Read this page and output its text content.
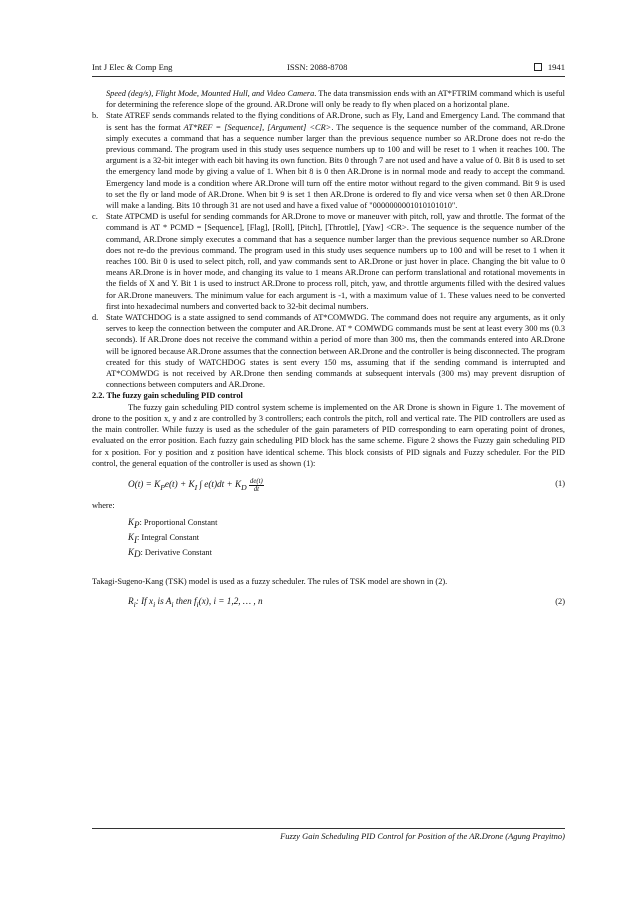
Int J Elec & Comp Eng	ISSN: 2088-8708	1941

Speed (deg/s), Flight Mode, Mounted Hull, and Video Camera. The data transmission ends with an AT*FTRIM command which is useful for determining the reference slope of the ground. AR.Drone will only be ready to fly when placed on a horizontal plane.

b. State ATREF sends commands related to the flying conditions of AR.Drone, such as Fly, Land and Emergency Land. The command that is sent has the format AT*REF = [Sequence], [Argument] <CR>. The sequence is the sequence number of the command, AR.Drone simply executes a command that has a sequence number larger than the previous sequence number so AR.Drone does not re-do the previous command. The program used in this study uses sequence numbers up to 100 and will be reset to 1 when it reaches 100. The argument is a 32-bit integer with each bit having its own function. Bits 0 through 7 are not used and have a value of 0. Bit 8 is used to set the emergency land mode by giving a value of 1. When bit 8 is 0 then AR.Drone is in normal mode and ready to accept the command. Emergency land mode is a condition where AR.Drone will turn off the entire motor without regard to the given command. Bit 9 is used to set the fly or land mode of AR.Drone. When bit 9 is set 1 then AR.Drone is ordered to fly and vice versa when set 0 then AR.Drone will make a landing. Bits 10 through 31 are not used and have a fixed value of "0000000001010101010".

c. State ATPCMD is useful for sending commands for AR.Drone to move or maneuver with pitch, roll, yaw and throttle. The format of the command is AT * PCMD = [Sequence], [Flag], [Roll], [Pitch], [Throttle], [Yaw] <CR>. The sequence is the sequence number of the command, AR.Drone simply executes a command that has a sequence number larger than the previous sequence number so AR.Drone does not re-do the previous command. The program used in this study uses sequence numbers up to 100 and will be reset to 1 when it reaches 100. Bit 0 is used to select pitch, roll, and yaw commands sent to AR.Drone or just hover in place. Changing the bit value to 0 means AR.Drone is in hover mode, and changing its value to 1 means AR.Drone can perform translational and rotational movements in the fields of X and Y. Bit 1 is used to instruct AR.Drone to process roll, pitch, yaw, and throttle arguments filled with the desired values for AR.Drone maneuvers. The minimum value for each argument is -1, with a maximum value of 1. These values need to be converted first into hexadecimal numbers and converted back to 32-bit decimal numbers.

d. State WATCHDOG is a state assigned to send commands of AT*COMWDG. The command does not require any arguments, as it only serves to keep the connection between the computer and AR.Drone. AT * COMWDG commands must be sent at least every 300 ms (0.3 seconds). If AR.Drone does not receive the command within a period of more than 300 ms, then the commands entered into AR.Drone will be ignored because AR.Drone assumes that the connection between AR.Drone and the controller is being disconnected. The program created for this study of WATCHDOG states is sent every 150 ms, assuming that if the sending command is interrupted and AT*COMWDG is not received by AR.Drone then sending commands at subsequent intervals (300 ms) may prevent disruption of connections between computers and AR.Drone.

2.2. The fuzzy gain scheduling PID control

The fuzzy gain scheduling PID control system scheme is implemented on the AR Drone is shown in Figure 1. The movement of drone to the position x, y and z are controlled by 3 controllers; each controls the pitch, roll and vertical rate. The PID controllers are used as the main controller. While fuzzy is used as the scheduler of the gain parameters of PID corresponding to earn operating point of drones, evaluated on the error position. Each fuzzy gain scheduling PID block has the same scheme. Figure 2 shows the Fuzzy gain scheduling PID for x position. For y position and z position have identical scheme. This block consists of PID signals and Fuzzy scheduler. For the PID control, the general equation of the controller is used as shown (1):

$O(t) = K_Pe(t) + K_I$ ∫ $e(t)dt + K_D \frac{de(t)}{dt}$	(1)

where:

$K_P$: Proportional Constant

$K_I$: Integral Constant

$K_D$: Derivative Constant

Takagi-Sugeno-Kang (TSK) model is used as a fuzzy scheduler. The rules of TSK model are shown in (2).

$R_i$: If $x_i$ is $A_i$ then $f_i(x)$, i = 1,2, … , n	(2)
Fuzzy Gain Scheduling PID Control for Position of the AR.Drone (Agung Prayitno)
